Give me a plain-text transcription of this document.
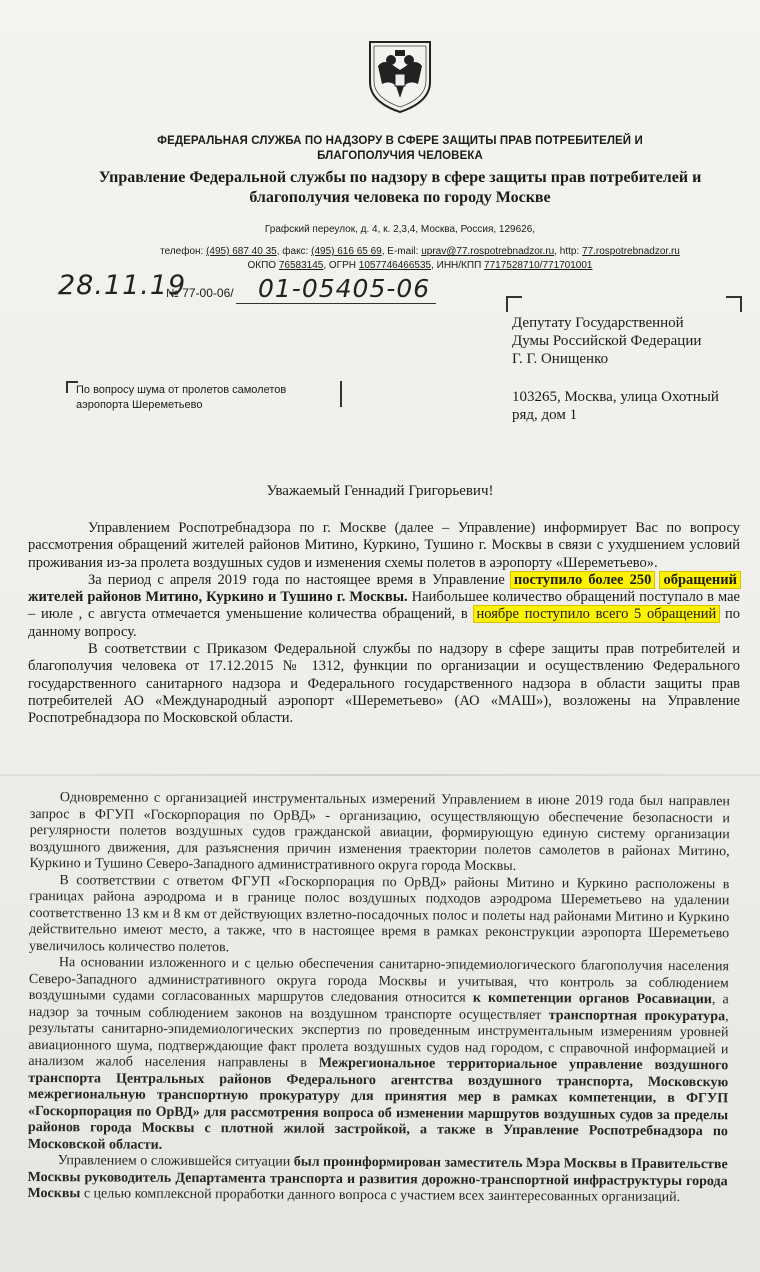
ФЕДЕРАЛЬНАЯ СЛУЖБА ПО НАДЗОРУ В СФЕРЕ ЗАЩИТЫ ПРАВ ПОТРЕБИТЕЛЕЙ И БЛАГОПОЛУЧИЯ ЧЕЛОВЕКА
Управление Федеральной службы по надзору в сфере защиты прав потребителей и благополучия человека по городу Москве
Графский переулок, д. 4, к. 2,3,4, Москва, Россия, 129626,
телефон: (495) 687 40 35, факс: (495) 616 65 69, E-mail: uprav@77.rospotrebnadzor.ru, http: 77.rospotrebnadzor.ru
ОКПО 76583145, ОГРН 1057746466535, ИНН/КПП 7717528710/771701001
28.11.19
№ 77-00-06/ 01-05405-06
Депутату Государственной
Думы Российской Федерации
Г. Г. Онищенко
103265, Москва, улица Охотный
ряд, дом 1
По вопросу шума от пролетов самолетов
аэропорта Шереметьево
Уважаемый Геннадий Григорьевич!

Управлением Роспотребнадзора по г. Москве (далее – Управление) информирует Вас по вопросу рассмотрения обращений жителей районов Митино, Куркино, Тушино г. Москвы в связи с ухудшением условий проживания из-за пролета воздушных судов и изменения схемы полетов в аэропорту «Шереметьево».

За период с апреля 2019 года по настоящее время в Управление поступило более 250 обращений жителей районов Митино, Куркино и Тушино г. Москвы. Наибольшее количество обращений поступало в мае – июле , с августа отмечается уменьшение количества обращений, в ноябре поступило всего 5 обращений по данному вопросу.

В соответствии с Приказом Федеральной службы по надзору в сфере защиты прав потребителей и благополучия человека от 17.12.2015 № 1312, функции по организации и осуществлению Федерального государственного санитарного надзора и Федерального государственного надзора в области защиты прав потребителей АО «Международный аэропорт «Шереметьево» (АО «МАШ»), возложены на Управление Роспотребнадзора по Московской области.

Одновременно с организацией инструментальных измерений Управлением в июне 2019 года был направлен запрос в ФГУП «Госкорпорация по ОрВД» - организацию, осуществляющую обеспечение безопасности и регулярности полетов воздушных судов гражданской авиации, формирующую единую систему организации воздушного движения, для разъяснения причин изменения траектории полетов самолетов в районах Митино, Куркино и Тушино Северо-Западного административного округа города Москвы.

В соответствии с ответом ФГУП «Госкорпорация по ОрВД» районы Митино и Куркино расположены в границах района аэродрома и в границе полос воздушных подходов аэродрома Шереметьево на удалении соответственно 13 км и 8 км от действующих взлетно-посадочных полос и полеты над районами Митино и Куркино действительно имеют место, а также, что в настоящее время в рамках реконструкции аэропорта Шереметьево увеличилось количество полетов.

На основании изложенного и с целью обеспечения санитарно-эпидемиологического благополучия населения Северо-Западного административного округа города Москвы и учитывая, что контроль за соблюдением воздушными судами согласованных маршрутов следования относится к компетенции органов Росавиации, а надзор за точным соблюдением законов на воздушном транспорте осуществляет транспортная прокуратура, результаты санитарно-эпидемиологических экспертиз по проведенным инструментальным измерениям уровней авиационного шума, подтверждающие факт пролета воздушных судов над городом, с справочной информацией и анализом жалоб населения направлены в Межрегиональное территориальное управление воздушного транспорта Центральных районов Федерального агентства воздушного транспорта, Московскую межрегиональную транспортную прокуратуру для принятия мер в рамках компетенции, в ФГУП «Госкорпорация по ОрВД» для рассмотрения вопроса об изменении маршрутов воздушных судов за пределы районов города Москвы с плотной жилой застройкой, а также в Управление Роспотребнадзора по Московской области.

Управлением о сложившейся ситуации был проинформирован заместитель Мэра Москвы в Правительстве Москвы руководитель Департамента транспорта и развития дорожно-транспортной инфраструктуры города Москвы с целью комплексной проработки данного вопроса с участием всех заинтересованных организаций.
